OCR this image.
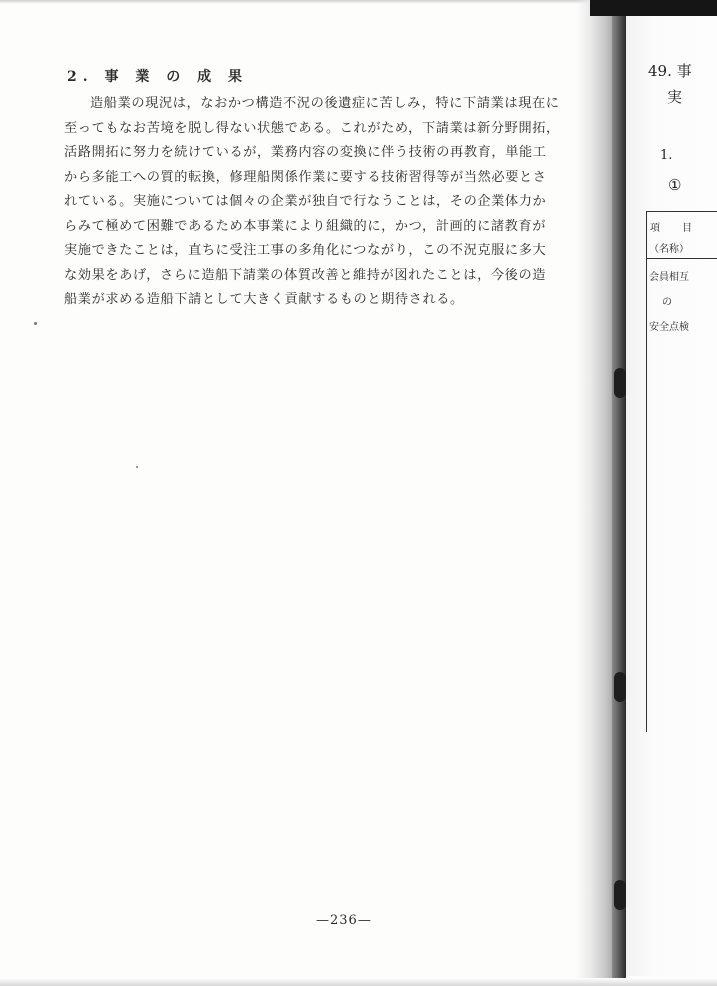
2. 事 業 の 成 果
造船業の現況は，なおかつ構造不況の後遺症に苦しみ，特に下請業は現在に
至ってもなお苦境を脱し得ない状態である。これがため，下請業は新分野開拓，
活路開拓に努力を続けているが，業務内容の変換に伴う技術の再教育，単能工
から多能工への質的転換，修理船関係作業に要する技術習得等が当然必要とさ
れている。実施については個々の企業が独自で行なうことは，その企業体力か
らみて極めて困難であるため本事業により組織的に，かつ，計画的に諸教育が
実施できたことは，直ちに受注工事の多角化につながり，この不況克服に多大
な効果をあげ，さらに造船下請業の体質改善と維持が図れたことは，今後の造
船業が求める造船下請として大きく貢献するものと期待される。
—236—
49. 事
実
1.
①
項　目
（名称）
会員相互
の
安全点検
